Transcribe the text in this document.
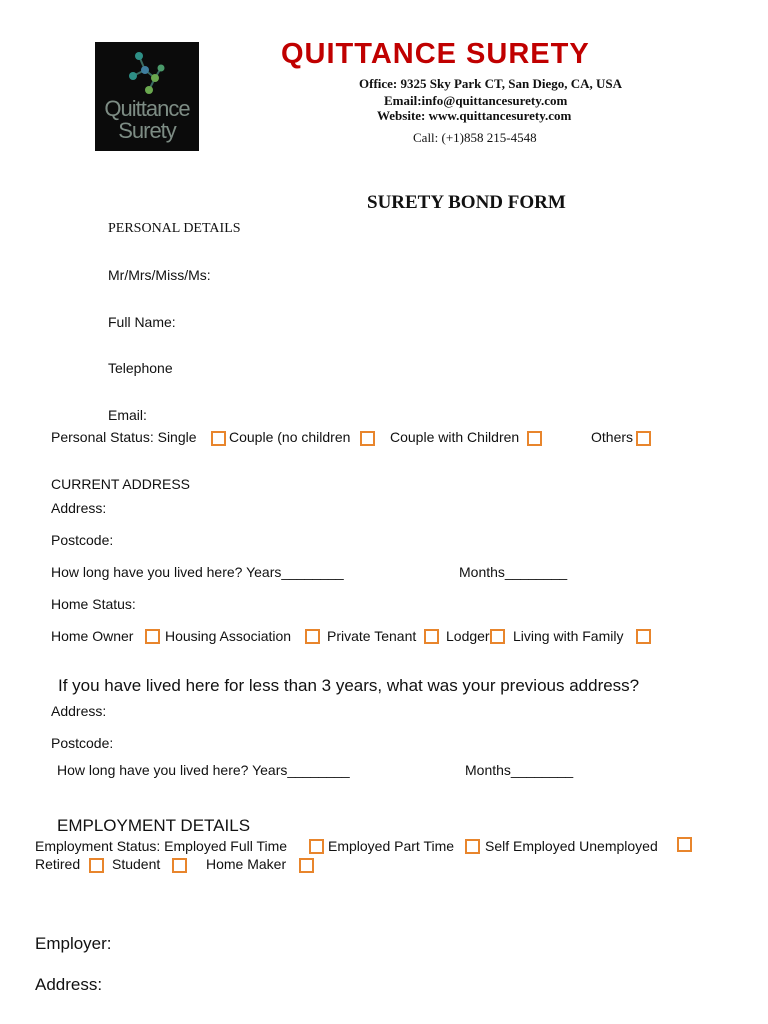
Quittance
Surety
QUITTANCE SURETY
Office: 9325 Sky Park CT, San Diego, CA, USA
Email:info@quittancesurety.com
Website: www.quittancesurety.com
Call: (+1)858 215-4548
SURETY BOND FORM
PERSONAL DETAILS
Mr/Mrs/Miss/Ms:
Full Name:
Telephone
Email:
Personal Status: Single Couple (no children	Couple with Children	Others
CURRENT ADDRESS
Address:
Postcode:
How long have you lived here? Years________	Months________
Home Status:
Home Owner Housing Association	Private Tenant Lodger Living with Family
If you have lived here for less than 3 years, what was your previous address?
Address:
Postcode:
How long have you lived here? Years________	Months________
EMPLOYMENT DETAILS
Employment Status: Employed Full Time	Employed Part Time Self Employed Unemployed
Retired Student	Home Maker
Employer:
Address:
